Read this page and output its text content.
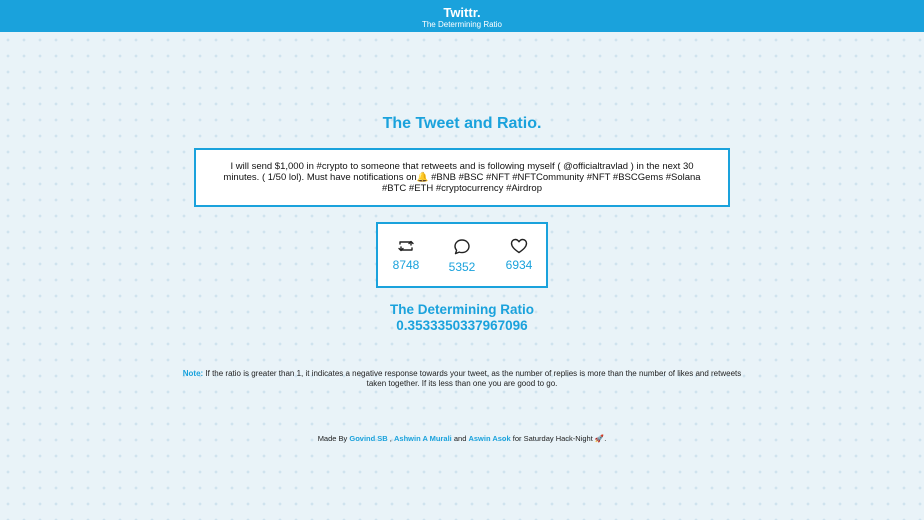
Twittr.
The Determining Ratio
The Tweet and Ratio.
I will send $1,000 in #crypto to someone that retweets and is following myself ( @officialtravlad ) in the next 30 minutes. ( 1/50 lol). Must have notifications on🔔 #BNB #BSC #NFT #NFTCommunity #NFT #BSCGems #Solana #BTC #ETH #cryptocurrency #Airdrop
8748	5352	6934
The Determining Ratio
0.3533350337967096
Note: If the ratio is greater than 1, it indicates a negative response towards your tweet, as the number of replies is more than the number of likes and retweets taken together. If its less than one you are good to go.
Made By Govind SB , Ashwin A Murali and Aswin Asok for Saturday Hack-Night 🚀.
